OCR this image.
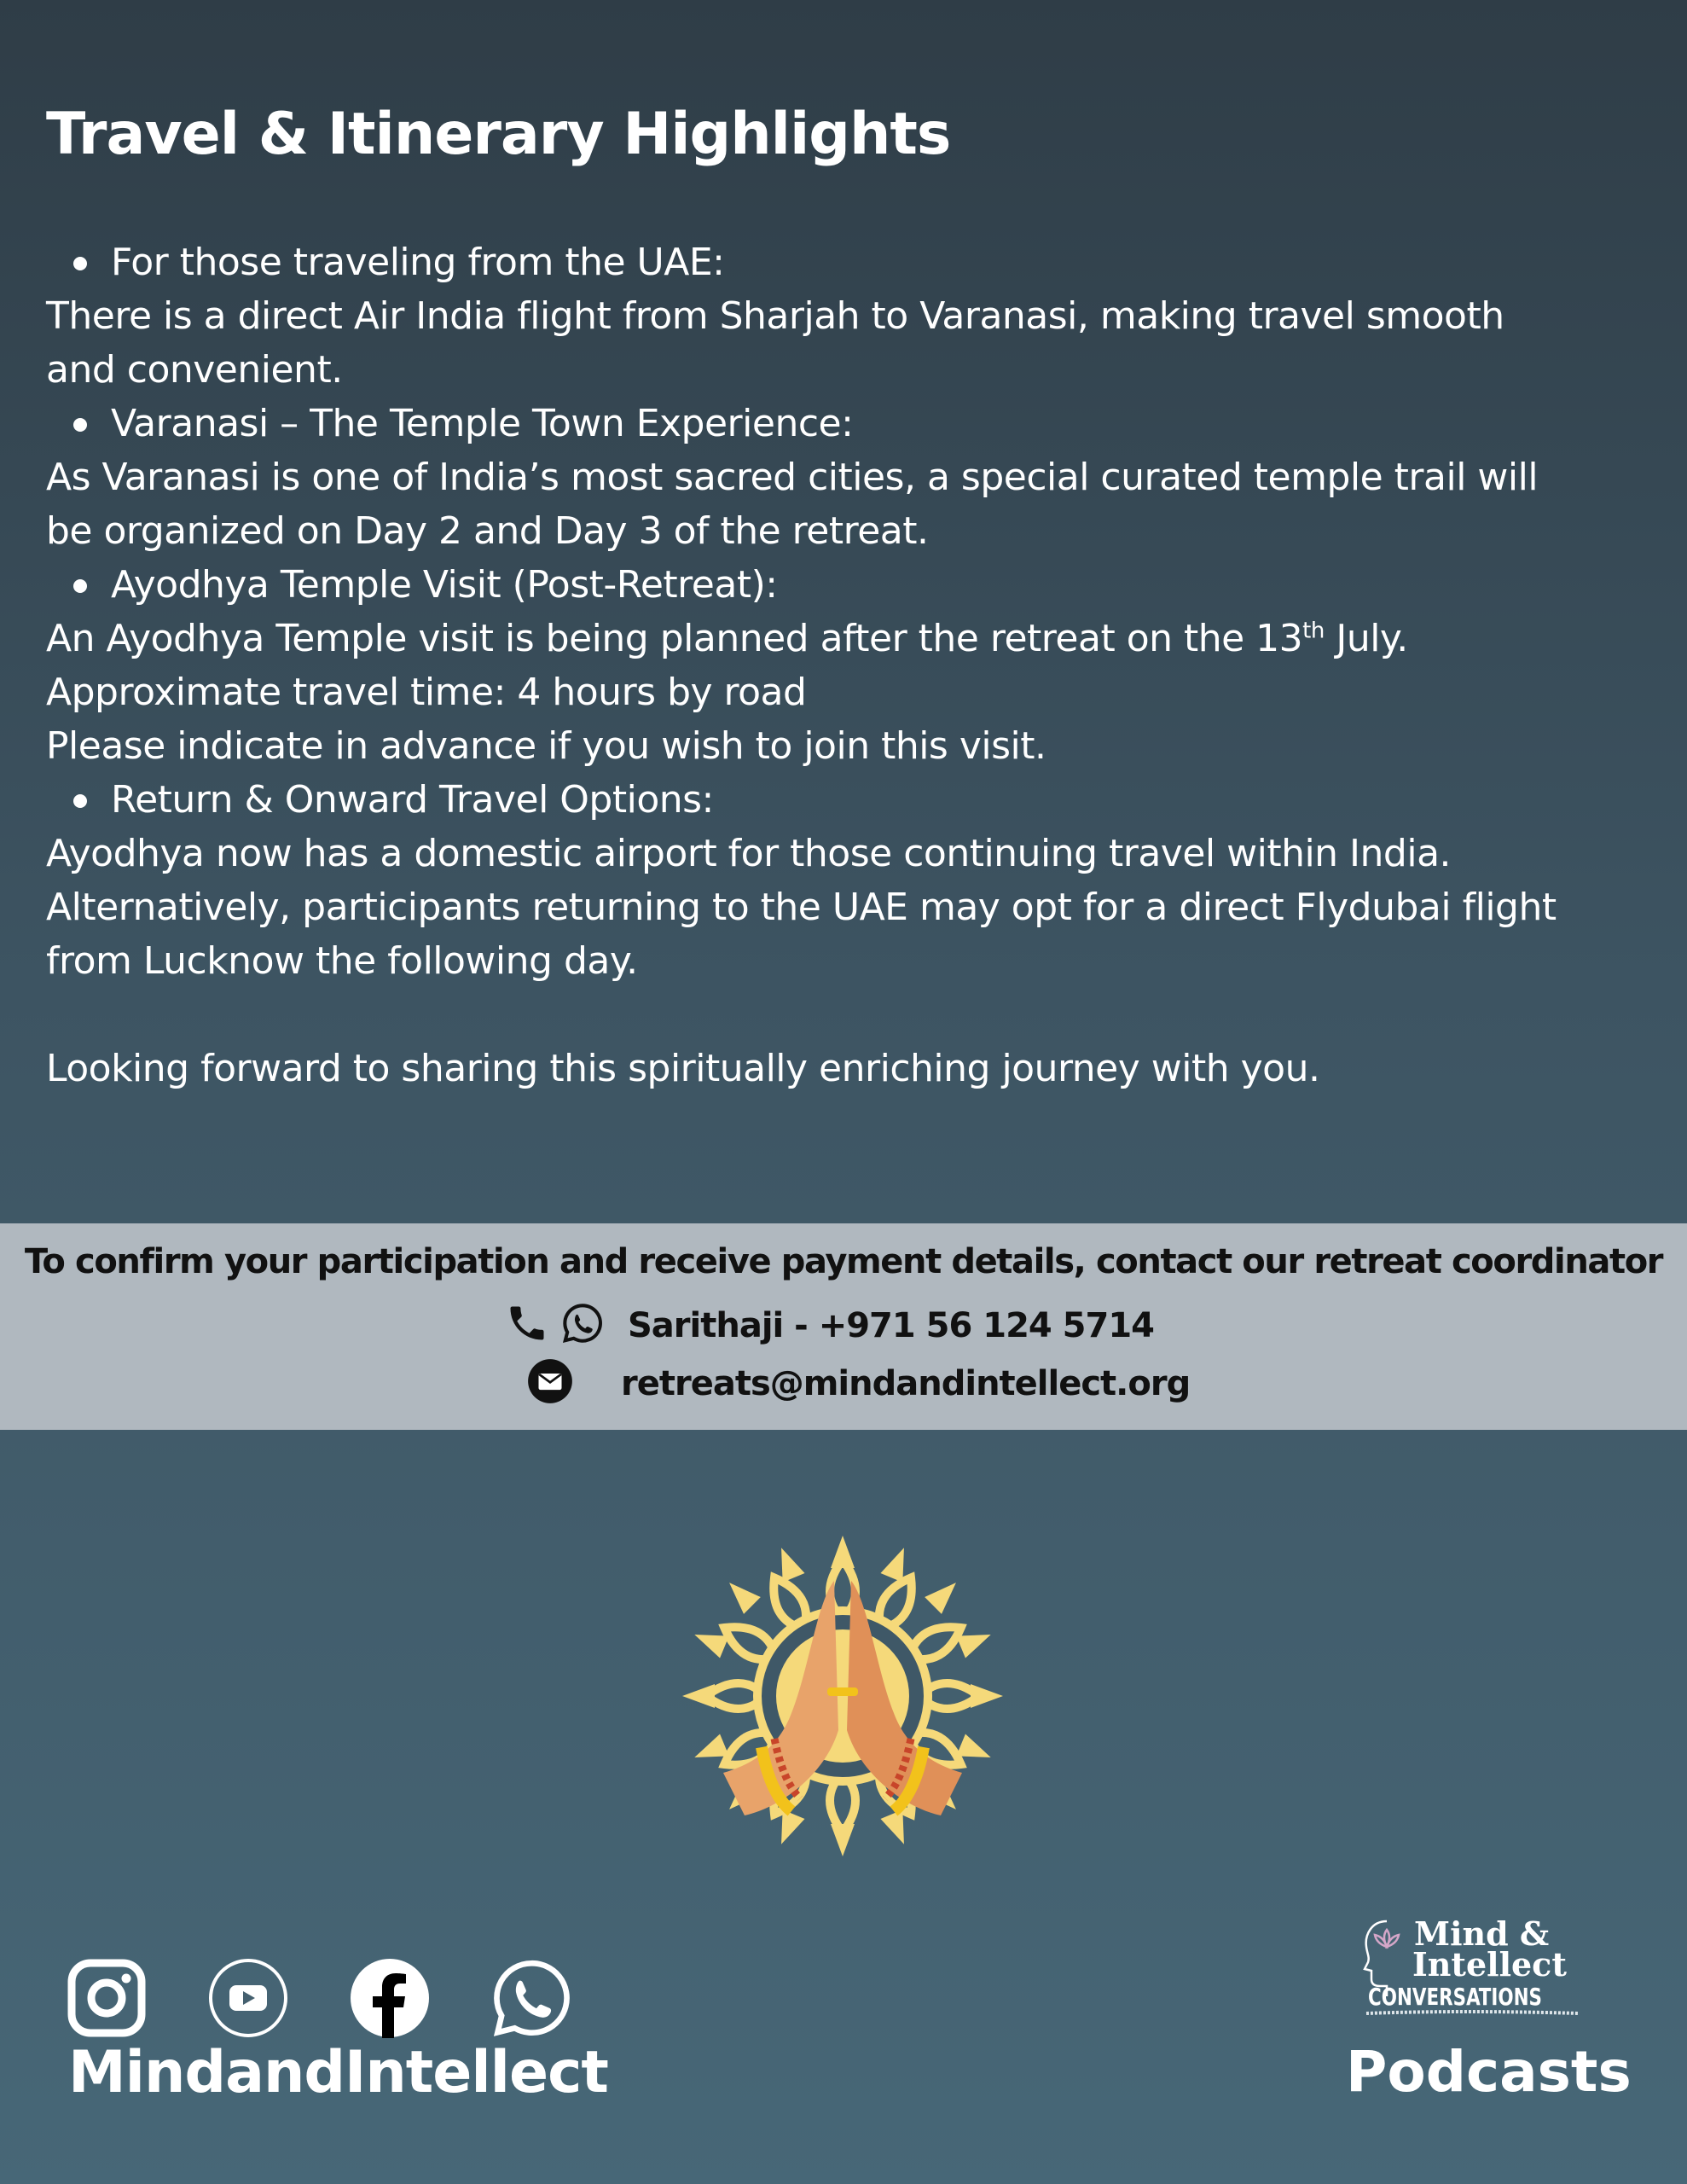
Travel & Itinerary Highlights
For those traveling from the UAE:
There is a direct Air India flight from Sharjah to Varanasi, making travel smooth
and convenient.
Varanasi – The Temple Town Experience:
As Varanasi is one of India’s most sacred cities, a special curated temple trail will
be organized on Day 2 and Day 3 of the retreat.
Ayodhya Temple Visit (Post-Retreat):
An Ayodhya Temple visit is being planned after the retreat on the 13th July.
Approximate travel time: 4 hours by road
Please indicate in advance if you wish to join this visit.
Return & Onward Travel Options:
Ayodhya now has a domestic airport for those continuing travel within India.
Alternatively, participants returning to the UAE may opt for a direct Flydubai flight
from Lucknow the following day.
Looking forward to sharing this spiritually enriching journey with you.
To confirm your participation and receive payment details, contact our retreat coordinator
Sarithaji - +971 56 124 5714
retreats@mindandintellect.org
MindandIntellect
Mind &
Intellect
CONVERSATIONS
Podcasts
